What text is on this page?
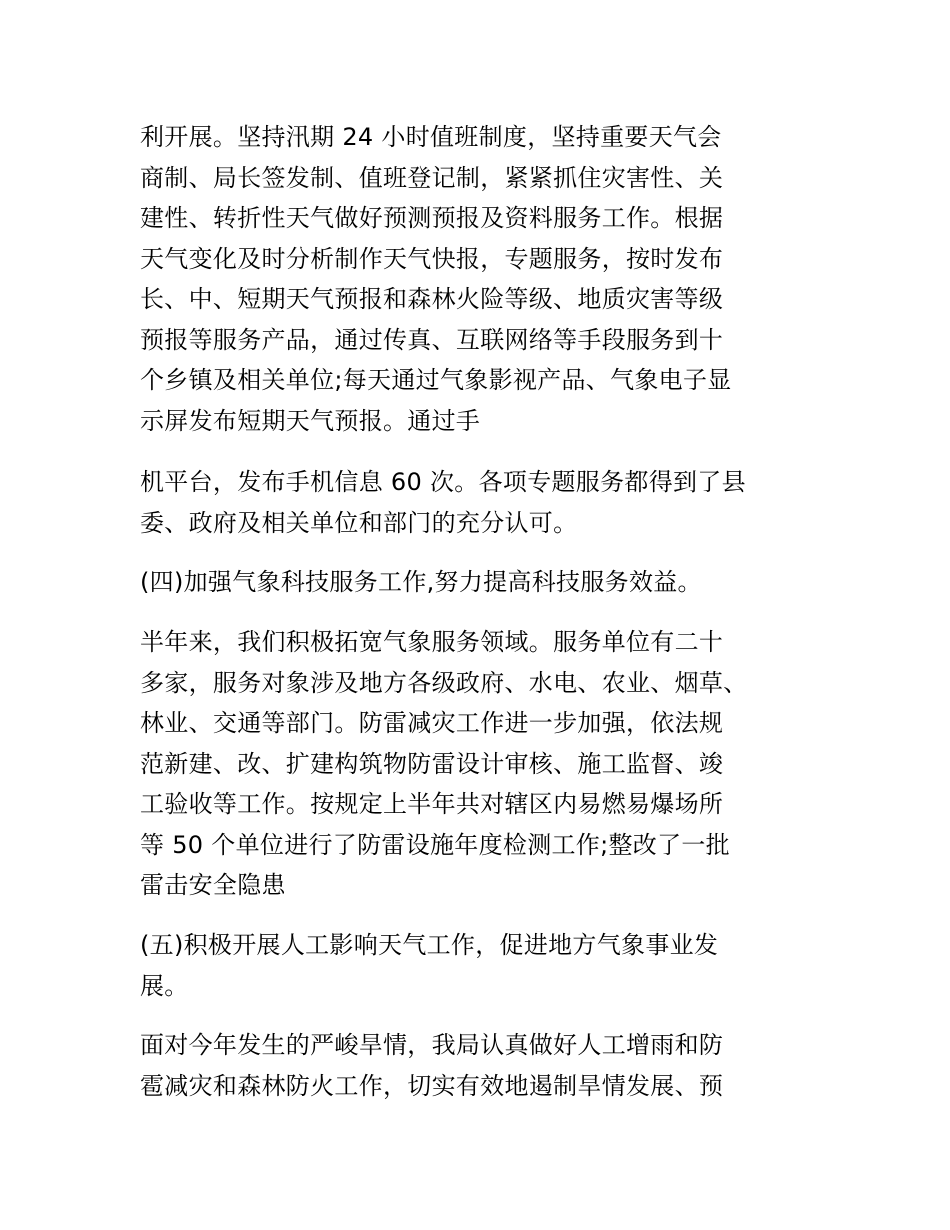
利开展。坚持汛期 24 小时值班制度，坚持重要天气会
商制、局长签发制、值班登记制，紧紧抓住灾害性、关
建性、转折性天气做好预测预报及资料服务工作。根据
天气变化及时分析制作天气快报，专题服务，按时发布
长、中、短期天气预报和森林火险等级、地质灾害等级
预报等服务产品，通过传真、互联网络等手段服务到十
个乡镇及相关单位;每天通过气象影视产品、气象电子显
示屏发布短期天气预报。通过手

机平台，发布手机信息 60 次。各项专题服务都得到了县
委、政府及相关单位和部门的充分认可。

(四)加强气象科技服务工作,努力提高科技服务效益。

半年来，我们积极拓宽气象服务领域。服务单位有二十
多家，服务对象涉及地方各级政府、水电、农业、烟草、
林业、交通等部门。防雷减灾工作进一步加强，依法规
范新建、改、扩建构筑物防雷设计审核、施工监督、竣
工验收等工作。按规定上半年共对辖区内易燃易爆场所
等 50 个单位进行了防雷设施年度检测工作;整改了一批
雷击安全隐患

(五)积极开展人工影响天气工作，促进地方气象事业发
展。

面对今年发生的严峻旱情，我局认真做好人工增雨和防
雹减灾和森林防火工作，切实有效地遏制旱情发展、预
